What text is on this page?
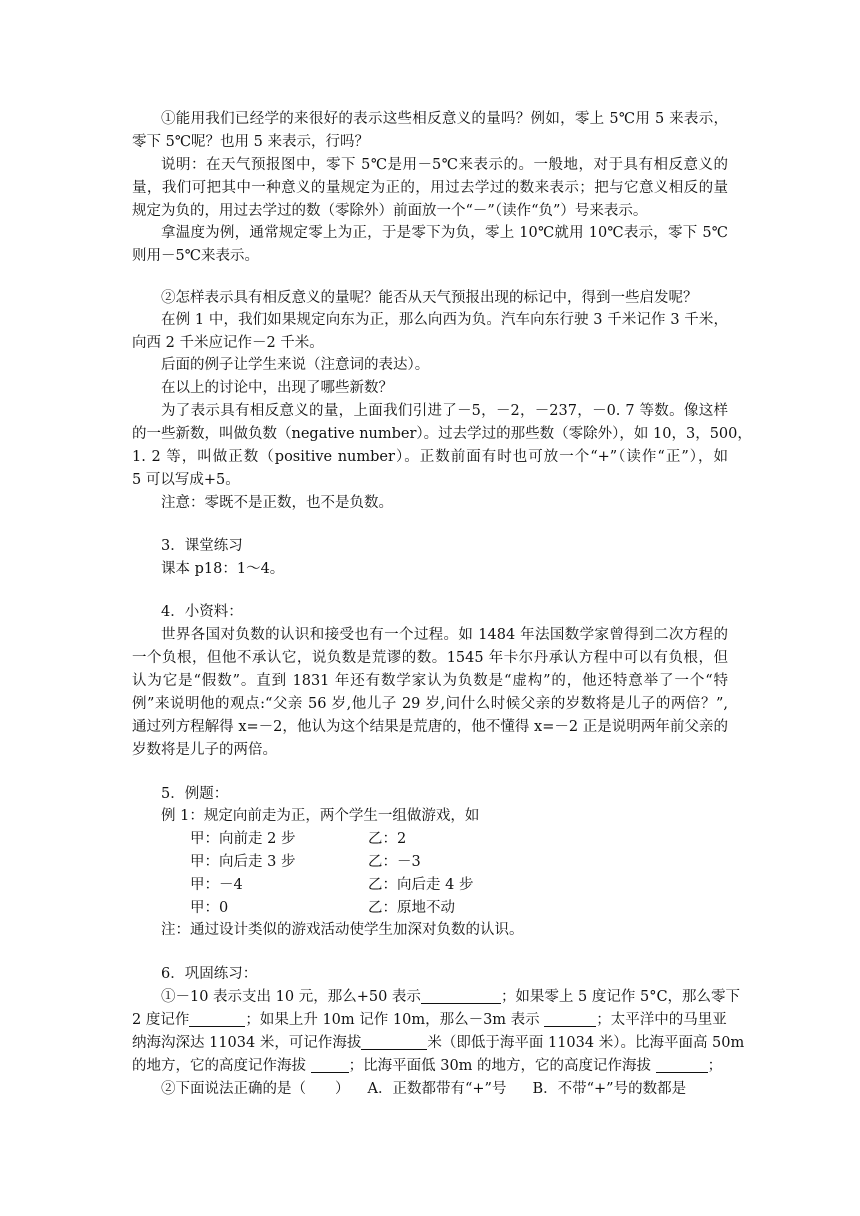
①能用我们已经学的来很好的表示这些相反意义的量吗？例如，零上 5℃用 5 来表示，
零下 5℃呢？也用 5 来表示，行吗？
说明：在天气预报图中，零下 5℃是用－5℃来表示的。一般地，对于具有相反意义的
量，我们可把其中一种意义的量规定为正的，用过去学过的数来表示；把与它意义相反的量
规定为负的，用过去学过的数（零除外）前面放一个“－”（读作“负”）号来表示。
拿温度为例，通常规定零上为正，于是零下为负，零上 10℃就用 10℃表示，零下 5℃
则用－5℃来表示。
②怎样表示具有相反意义的量呢？能否从天气预报出现的标记中，得到一些启发呢？
在例 1 中，我们如果规定向东为正，那么向西为负。汽车向东行驶 3 千米记作 3 千米，
向西 2 千米应记作－2 千米。
后面的例子让学生来说（注意词的表达）。
在以上的讨论中，出现了哪些新数？
为了表示具有相反意义的量，上面我们引进了－5，－2，－237，－0. 7 等数。像这样
的一些新数，叫做负数（negative number）。过去学过的那些数（零除外），如 10，3，500，
1. 2 等，叫做正数（positive number）。正数前面有时也可放一个“+”（读作“正”），如
5 可以写成+5。
注意：零既不是正数，也不是负数。
3．课堂练习
课本 p18：1～4。
4．小资料：
世界各国对负数的认识和接受也有一个过程。如 1484 年法国数学家曾得到二次方程的
一个负根，但他不承认它，说负数是荒谬的数。1545 年卡尔丹承认方程中可以有负根，但
认为它是“假数”。直到 1831 年还有数学家认为负数是“虚构”的，他还特意举了一个“特
例”来说明他的观点:“父亲 56 岁,他儿子 29 岁,问什么时候父亲的岁数将是儿子的两倍？”,
通过列方程解得 x=－2，他认为这个结果是荒唐的，他不懂得 x=－2 正是说明两年前父亲的
岁数将是儿子的两倍。
5．例题：
例 1：规定向前走为正，两个学生一组做游戏，如
甲：向前走 2 步	乙：2
甲：向后走 3 步	乙：－3
甲：－4	乙：向后走 4 步
甲：0	乙：原地不动
注：通过设计类似的游戏活动使学生加深对负数的认识。
6．巩固练习：
①－10 表示支出 10 元，那么+50 表示	；如果零上 5 度记作 5°C，那么零下
2 度记作	；如果上升 10m 记作 10m，那么－3m 表示	；太平洋中的马里亚
纳海沟深达 11034 米，可记作海拔	米（即低于海平面 11034 米）。比海平面高 50m
的地方，它的高度记作海拔	；比海平面低 30m 的地方，它的高度记作海拔	；
②下面说法正确的是（　　） A．正数都带有“+”号 B．不带“+”号的数都是
